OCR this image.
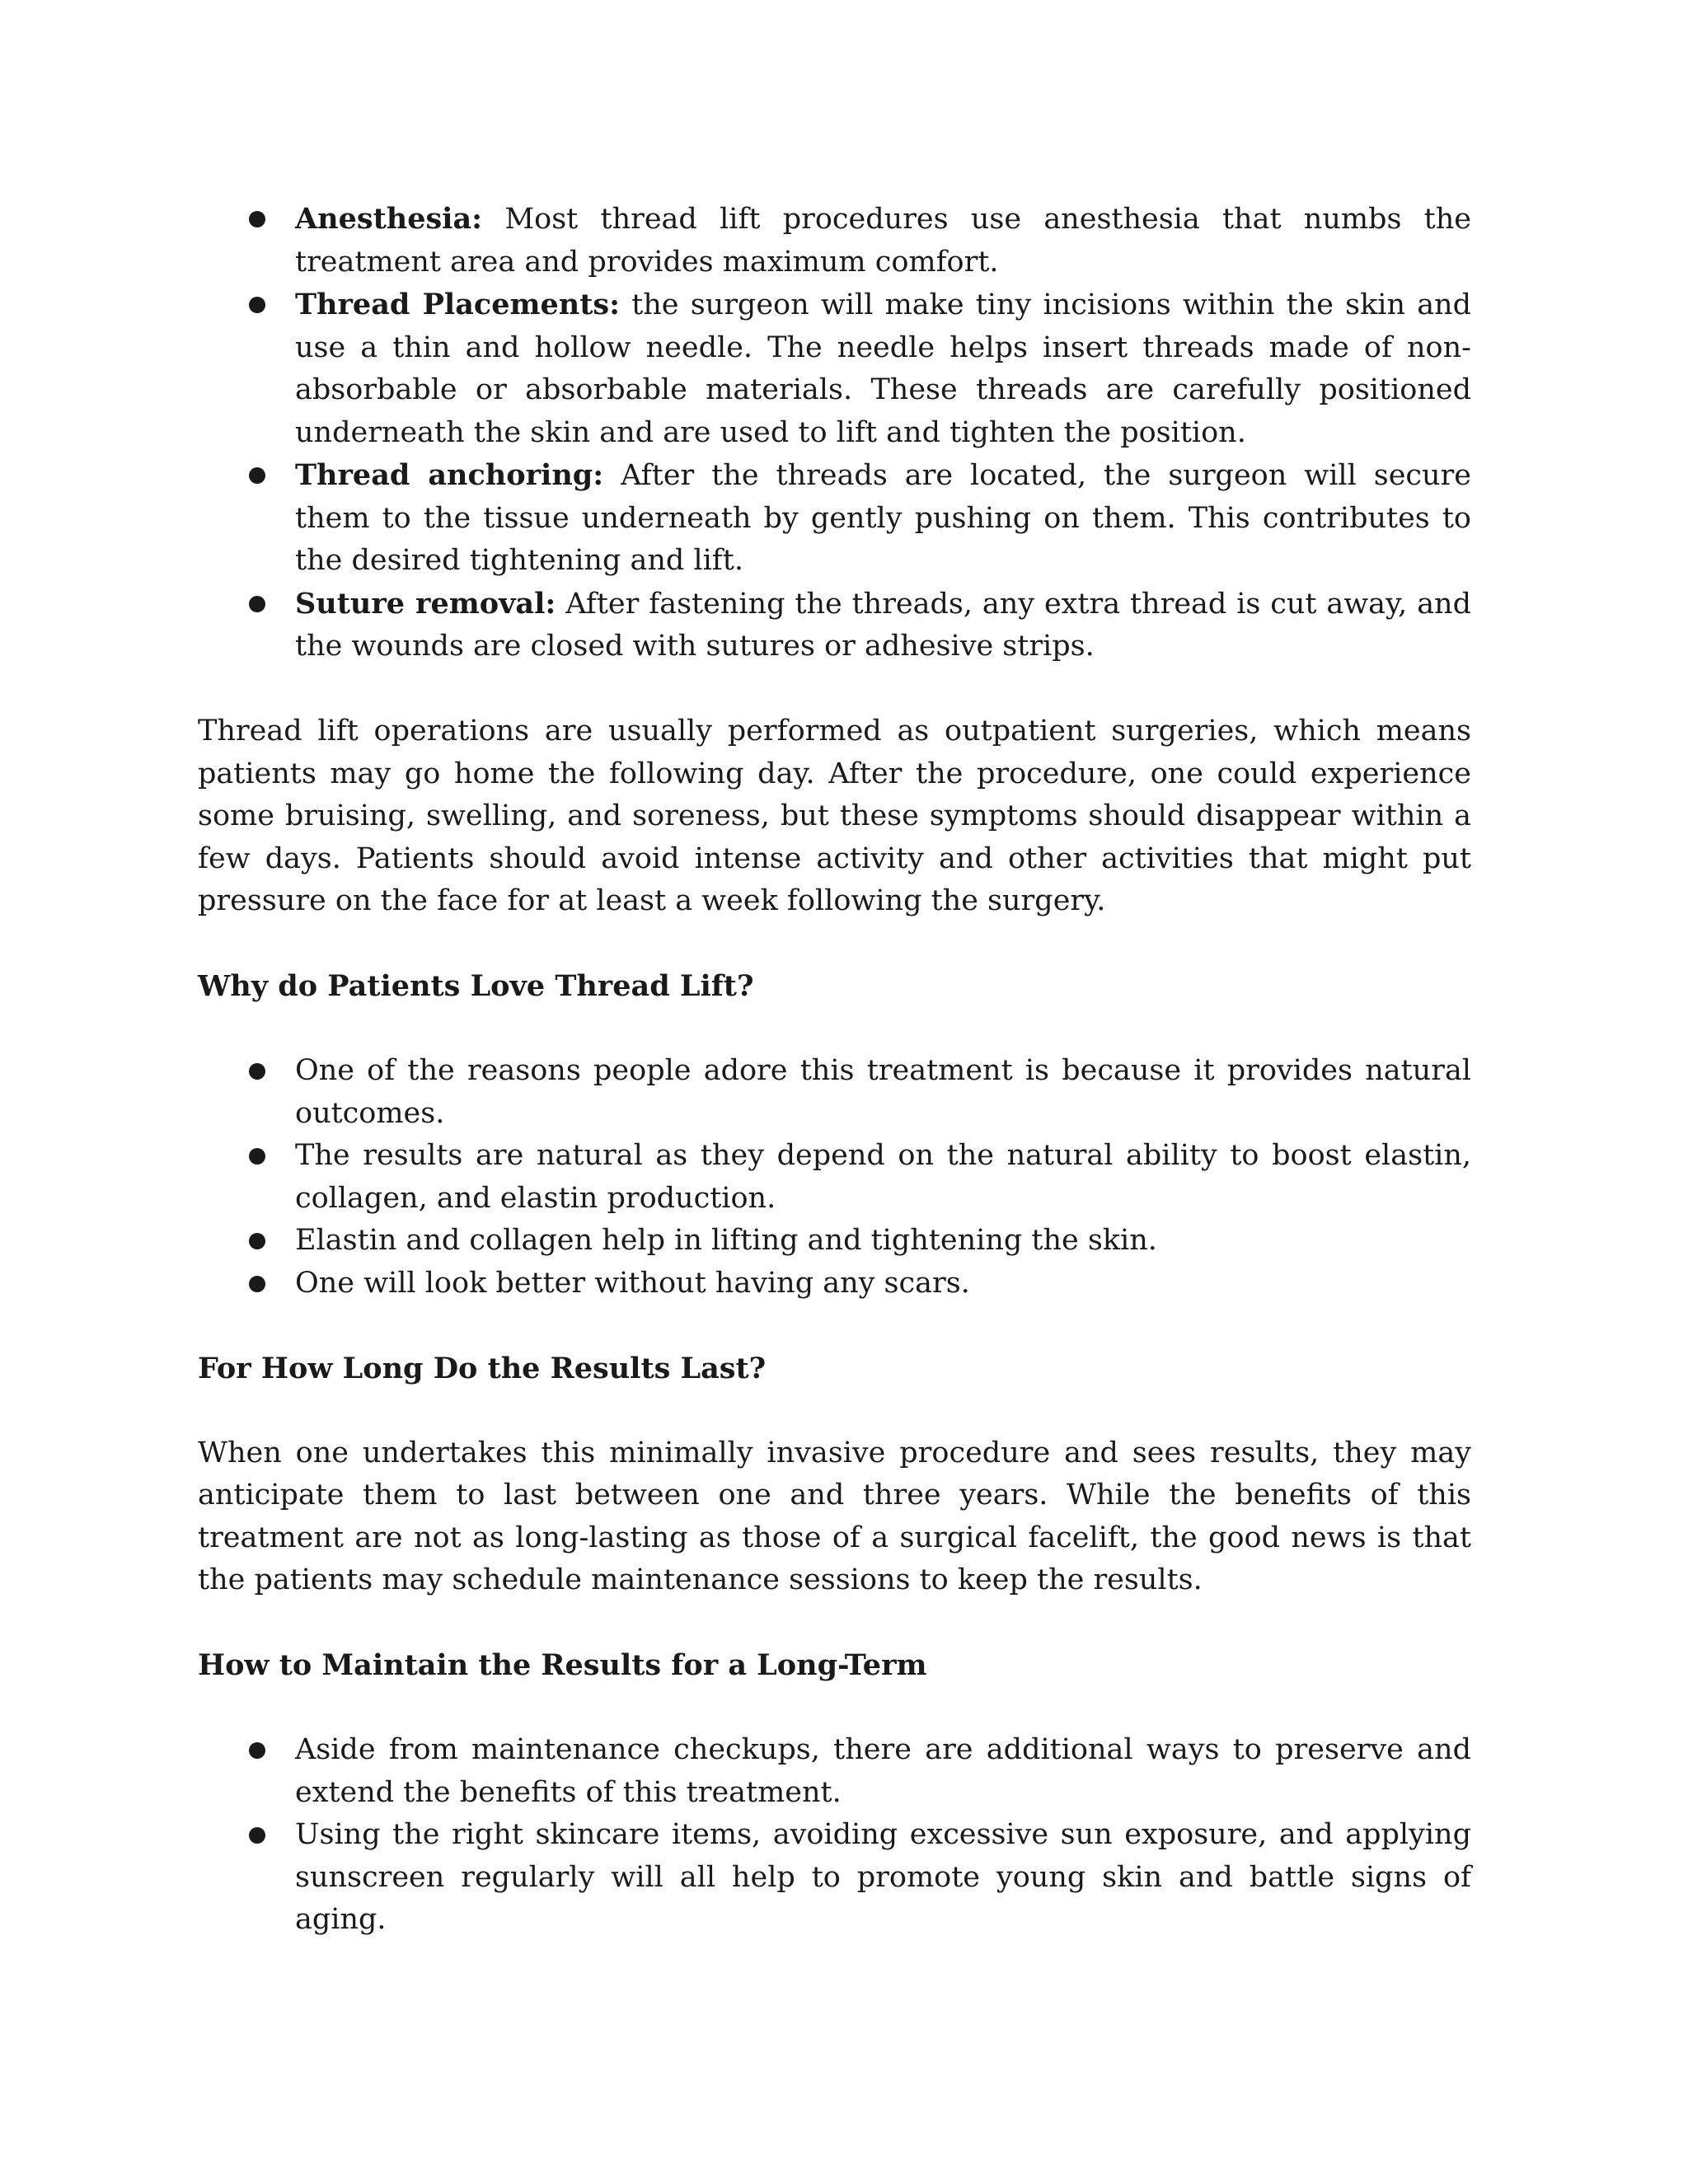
Anesthesia: Most thread lift procedures use anesthesia that numbs the treatment area and provides maximum comfort.
Thread Placements: the surgeon will make tiny incisions within the skin and use a thin and hollow needle. The needle helps insert threads made of non-absorbable or absorbable materials. These threads are carefully positioned underneath the skin and are used to lift and tighten the position.
Thread anchoring: After the threads are located, the surgeon will secure them to the tissue underneath by gently pushing on them. This contributes to the desired tightening and lift.
Suture removal: After fastening the threads, any extra thread is cut away, and the wounds are closed with sutures or adhesive strips.

Thread lift operations are usually performed as outpatient surgeries, which means patients may go home the following day. After the procedure, one could experience some bruising, swelling, and soreness, but these symptoms should disappear within a few days. Patients should avoid intense activity and other activities that might put pressure on the face for at least a week following the surgery.

Why do Patients Love Thread Lift?
One of the reasons people adore this treatment is because it provides natural outcomes.
The results are natural as they depend on the natural ability to boost elastin, collagen, and elastin production.
Elastin and collagen help in lifting and tightening the skin.
One will look better without having any scars.
For How Long Do the Results Last?

When one undertakes this minimally invasive procedure and sees results, they may anticipate them to last between one and three years. While the benefits of this treatment are not as long-lasting as those of a surgical facelift, the good news is that the patients may schedule maintenance sessions to keep the results.

How to Maintain the Results for a Long-Term
Aside from maintenance checkups, there are additional ways to preserve and extend the benefits of this treatment.
Using the right skincare items, avoiding excessive sun exposure, and applying sunscreen regularly will all help to promote young skin and battle signs of aging.
